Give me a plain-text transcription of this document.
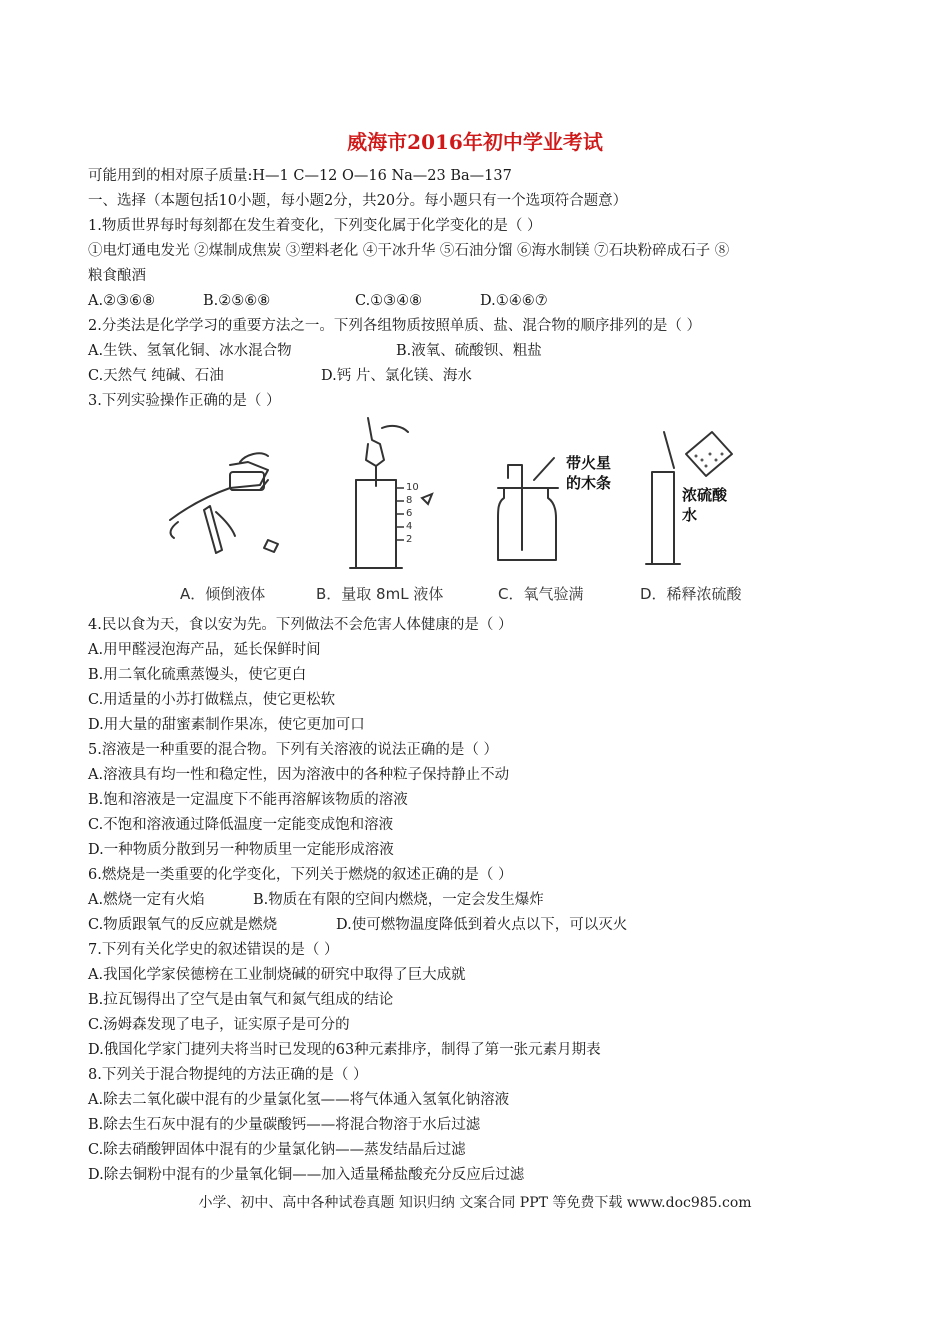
威海市2016年初中学业考试
可能用到的相对原子质量:H—1 C—12 O—16 Na—23 Ba—137
一、选择（本题包括10小题，每小题2分，共20分。每小题只有一个选项符合题意）
1.物质世界每时每刻都在发生着变化，下列变化属于化学变化的是（ ）
①电灯通电发光 ②煤制成焦炭 ③塑料老化 ④干冰升华 ⑤石油分馏 ⑥海水制镁 ⑦石块粉碎成石子 ⑧
粮食酿酒
A.②③⑥⑧	B.②⑤⑥⑧	C.①③④⑧	D.①④⑥⑦
2.分类法是化学学习的重要方法之一。下列各组物质按照单质、盐、混合物的顺序排列的是（ ）
A.生铁、氢氧化铜、冰水混合物	B.液氧、硫酸钡、粗盐
C.天然气 纯碱、石油	D.钙 片、氯化镁、海水
3.下列实验操作正确的是（ ）
A．倾倒液体
10
8
6
4
2
B．量取 8mL 液体
带火星
的木条
C．氧气验满
浓硫酸
水
D．稀释浓硫酸
4.民以食为天，食以安为先。下列做法不会危害人体健康的是（ ）
A.用甲醛浸泡海产品，延长保鲜时间
B.用二氧化硫熏蒸馒头，使它更白
C.用适量的小苏打做糕点，使它更松软
D.用大量的甜蜜素制作果冻，使它更加可口
5.溶液是一种重要的混合物。下列有关溶液的说法正确的是（ ）
A.溶液具有均一性和稳定性，因为溶液中的各种粒子保持静止不动
B.饱和溶液是一定温度下不能再溶解该物质的溶液
C.不饱和溶液通过降低温度一定能变成饱和溶液
D.一种物质分散到另一种物质里一定能形成溶液
6.燃烧是一类重要的化学变化，下列关于燃烧的叙述正确的是（ ）
A.燃烧一定有火焰	B.物质在有限的空间内燃烧，一定会发生爆炸
C.物质跟氧气的反应就是燃烧	D.使可燃物温度降低到着火点以下，可以灭火
7.下列有关化学史的叙述错误的是（ ）
A.我国化学家侯德榜在工业制烧碱的研究中取得了巨大成就
B.拉瓦锡得出了空气是由氧气和氮气组成的结论
C.汤姆森发现了电子，证实原子是可分的
D.俄国化学家门捷列夫将当时已发现的63种元素排序，制得了第一张元素月期表
8.下列关于混合物提纯的方法正确的是（ ）
A.除去二氧化碳中混有的少量氯化氢——将气体通入氢氧化钠溶液
B.除去生石灰中混有的少量碳酸钙——将混合物溶于水后过滤
C.除去硝酸钾固体中混有的少量氯化钠——蒸发结晶后过滤
D.除去铜粉中混有的少量氧化铜——加入适量稀盐酸充分反应后过滤
小学、初中、高中各种试卷真题 知识归纳 文案合同 PPT 等免费下载 www.doc985.com
